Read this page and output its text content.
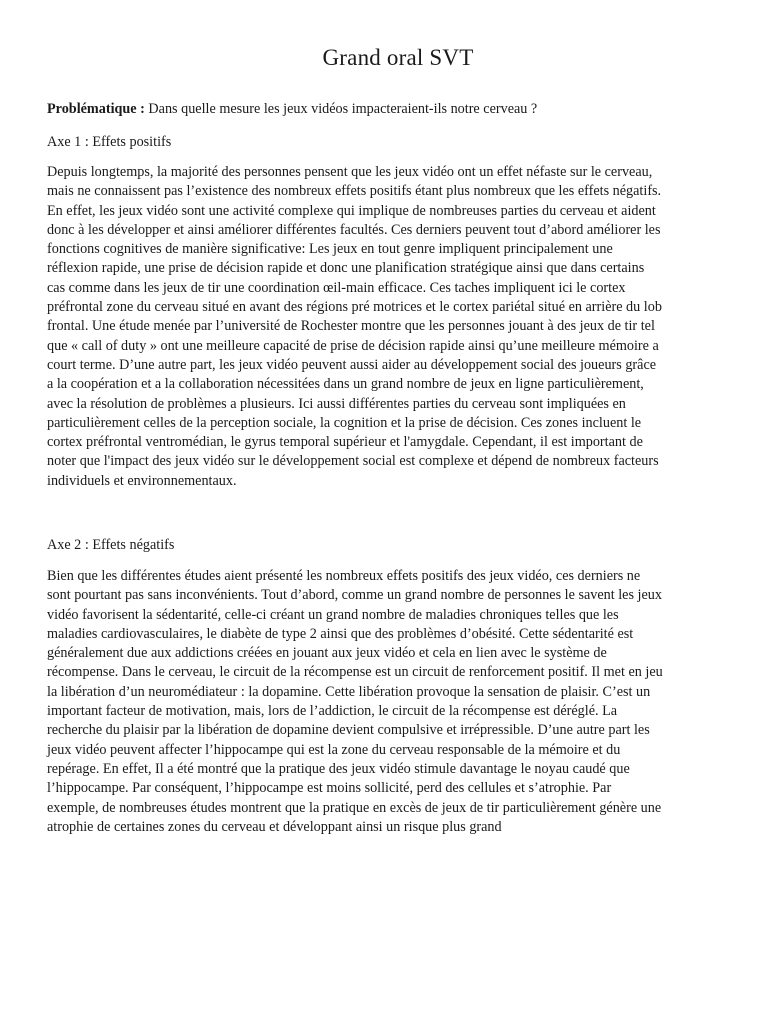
Grand oral SVT
Problématique : Dans quelle mesure les jeux vidéos impacteraient-ils notre cerveau ?
Axe 1 : Effets positifs
Depuis longtemps, la majorité des personnes pensent que les jeux vidéo ont un effet néfaste sur le cerveau,
mais ne connaissent pas l’existence des nombreux effets positifs étant plus nombreux que les effets négatifs.
En effet, les jeux vidéo sont une activité complexe qui implique de nombreuses parties du cerveau et aident
donc à les développer et ainsi améliorer différentes facultés. Ces derniers peuvent tout d’abord améliorer les
fonctions cognitives de manière significative: Les jeux en tout genre impliquent principalement une
réflexion rapide, une prise de décision rapide et donc une planification stratégique ainsi que dans certains
cas comme dans les jeux de tir une coordination œil-main efficace. Ces taches impliquent ici le cortex
préfrontal zone du cerveau situé en avant des régions pré motrices et le cortex pariétal situé en arrière du lob
frontal. Une étude menée par l’université de Rochester montre que les personnes jouant à des jeux de tir tel
que « call of duty » ont une meilleure capacité de prise de décision rapide ainsi qu’une meilleure mémoire a
court terme. D’une autre part, les jeux vidéo peuvent aussi aider au développement social des joueurs grâce
a la coopération et a la collaboration nécessitées dans un grand nombre de jeux en ligne particulièrement,
avec la résolution de problèmes a plusieurs. Ici aussi différentes parties du cerveau sont impliquées en
particulièrement celles de la perception sociale, la cognition et la prise de décision. Ces zones incluent le
cortex préfrontal ventromédian, le gyrus temporal supérieur et l'amygdale. Cependant, il est important de
noter que l'impact des jeux vidéo sur le développement social est complexe et dépend de nombreux facteurs
individuels et environnementaux.
Axe 2 : Effets négatifs
Bien que les différentes études aient présenté les nombreux effets positifs des jeux vidéo, ces derniers ne
sont pourtant pas sans inconvénients. Tout d’abord, comme un grand nombre de personnes le savent les jeux
vidéo favorisent la sédentarité, celle-ci créant un grand nombre de maladies chroniques telles que les
maladies cardiovasculaires, le diabète de type 2 ainsi que des problèmes d’obésité. Cette sédentarité est
généralement due aux addictions créées en jouant aux jeux vidéo et cela en lien avec le système de
récompense. Dans le cerveau, le circuit de la récompense est un circuit de renforcement positif. Il met en jeu
la libération d’un neuromédiateur : la dopamine. Cette libération provoque la sensation de plaisir. C’est un
important facteur de motivation, mais, lors de l’addiction, le circuit de la récompense est déréglé. La
recherche du plaisir par la libération de dopamine devient compulsive et irrépressible. D’une autre part les
jeux vidéo peuvent affecter l’hippocampe qui est la zone du cerveau responsable de la mémoire et du
repérage. En effet, Il a été montré que la pratique des jeux vidéo stimule davantage le noyau caudé que
l’hippocampe. Par conséquent, l’hippocampe est moins sollicité, perd des cellules et s’atrophie. Par
exemple, de nombreuses études montrent que la pratique en excès de jeux de tir particulièrement génère une
atrophie de certaines zones du cerveau et développant ainsi un risque plus grand
